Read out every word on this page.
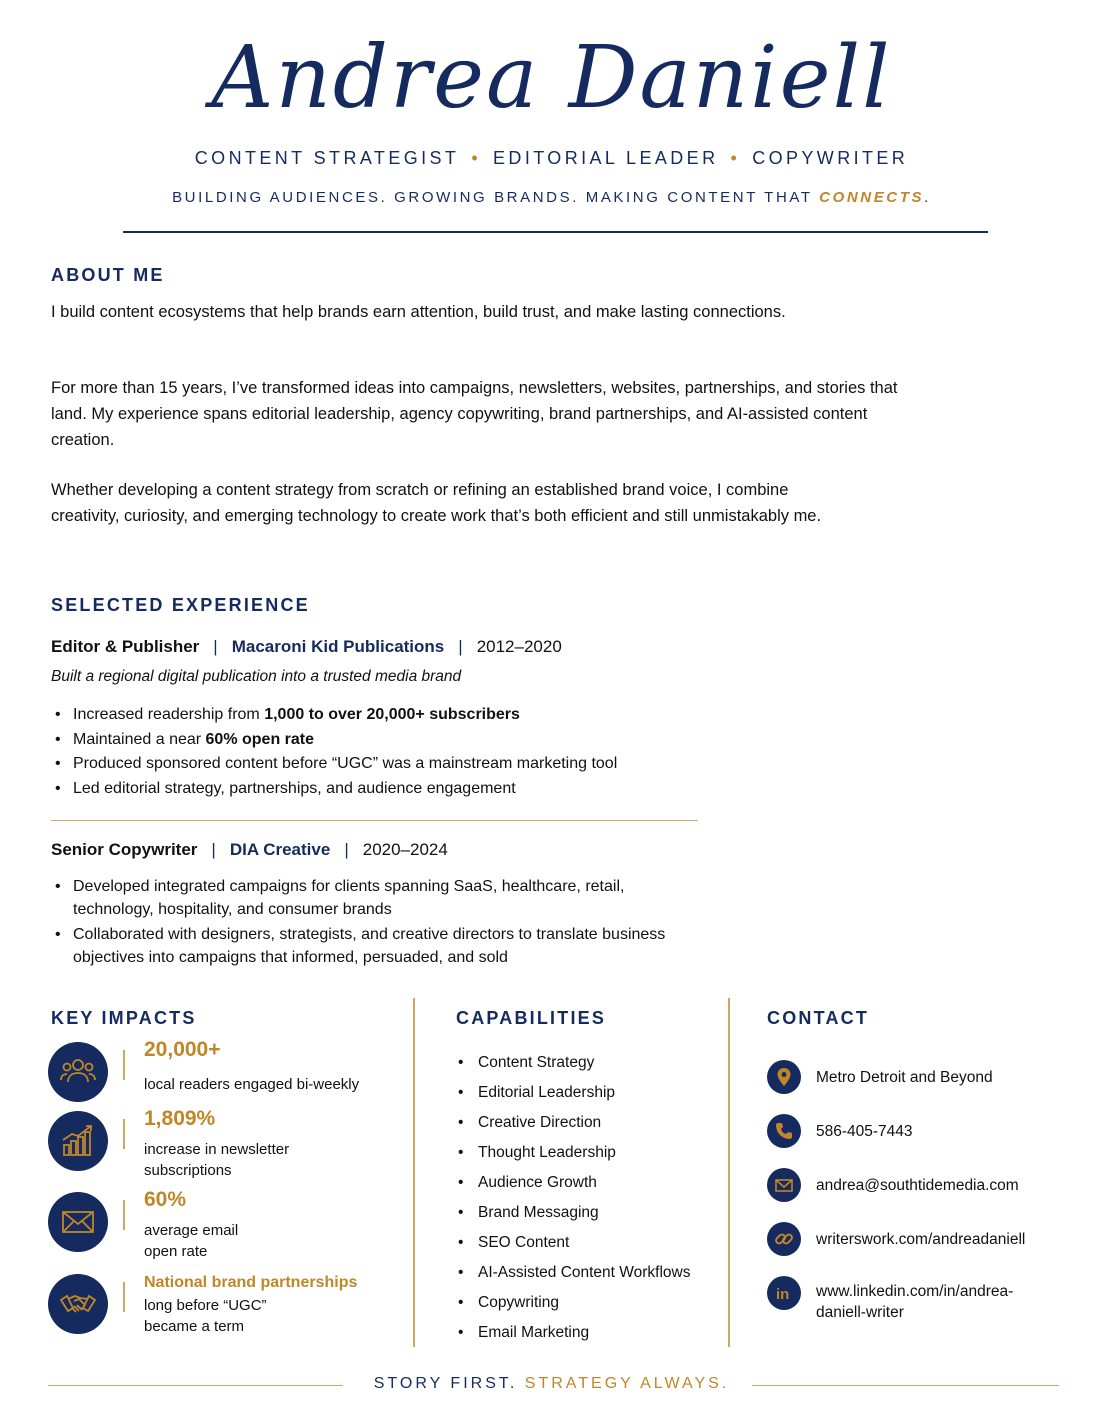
Andrea Daniell
CONTENT STRATEGIST • EDITORIAL LEADER • COPYWRITER
BUILDING AUDIENCES. GROWING BRANDS. MAKING CONTENT THAT CONNECTS.
ABOUT ME

I build content ecosystems that help brands earn attention, build trust, and make lasting connections.

For more than 15 years, I’ve transformed ideas into campaigns, newsletters, websites, partnerships, and stories that land. My experience spans editorial leadership, agency copywriting, brand partnerships, and AI-assisted content creation.

Whether developing a content strategy from scratch or refining an established brand voice, I combine creativity, curiosity, and emerging technology to create work that’s both efficient and still unmistakably me.

SELECTED EXPERIENCE
Editor & Publisher | Macaroni Kid Publications | 2012–2020
Built a regional digital publication into a trusted media brand
• Increased readership from 1,000 to over 20,000+ subscribers
• Maintained a near 60% open rate
• Produced sponsored content before “UGC” was a mainstream marketing tool
• Led editorial strategy, partnerships, and audience engagement
Senior Copywriter | DIA Creative | 2020–2024
• Developed integrated campaigns for clients spanning SaaS, healthcare, retail, technology, hospitality, and consumer brands
• Collaborated with designers, strategists, and creative directors to translate business objectives into campaigns that informed, persuaded, and sold
KEY IMPACTS
20,000+
local readers engaged bi-weekly
1,809%
increase in newsletter subscriptions
60%
average email open rate
National brand partnerships
long before “UGC” became a term
CAPABILITIES
• Content Strategy
• Editorial Leadership
• Creative Direction
• Thought Leadership
• Audience Growth
• Brand Messaging
• SEO Content
• AI-Assisted Content Workflows
• Copywriting
• Email Marketing
CONTACT
Metro Detroit and Beyond
586-405-7443
andrea@southtidemedia.com
writerswork.com/andreadaniell
in www.linkedin.com/in/andrea-daniell-writer
STORY FIRST. STRATEGY ALWAYS.
